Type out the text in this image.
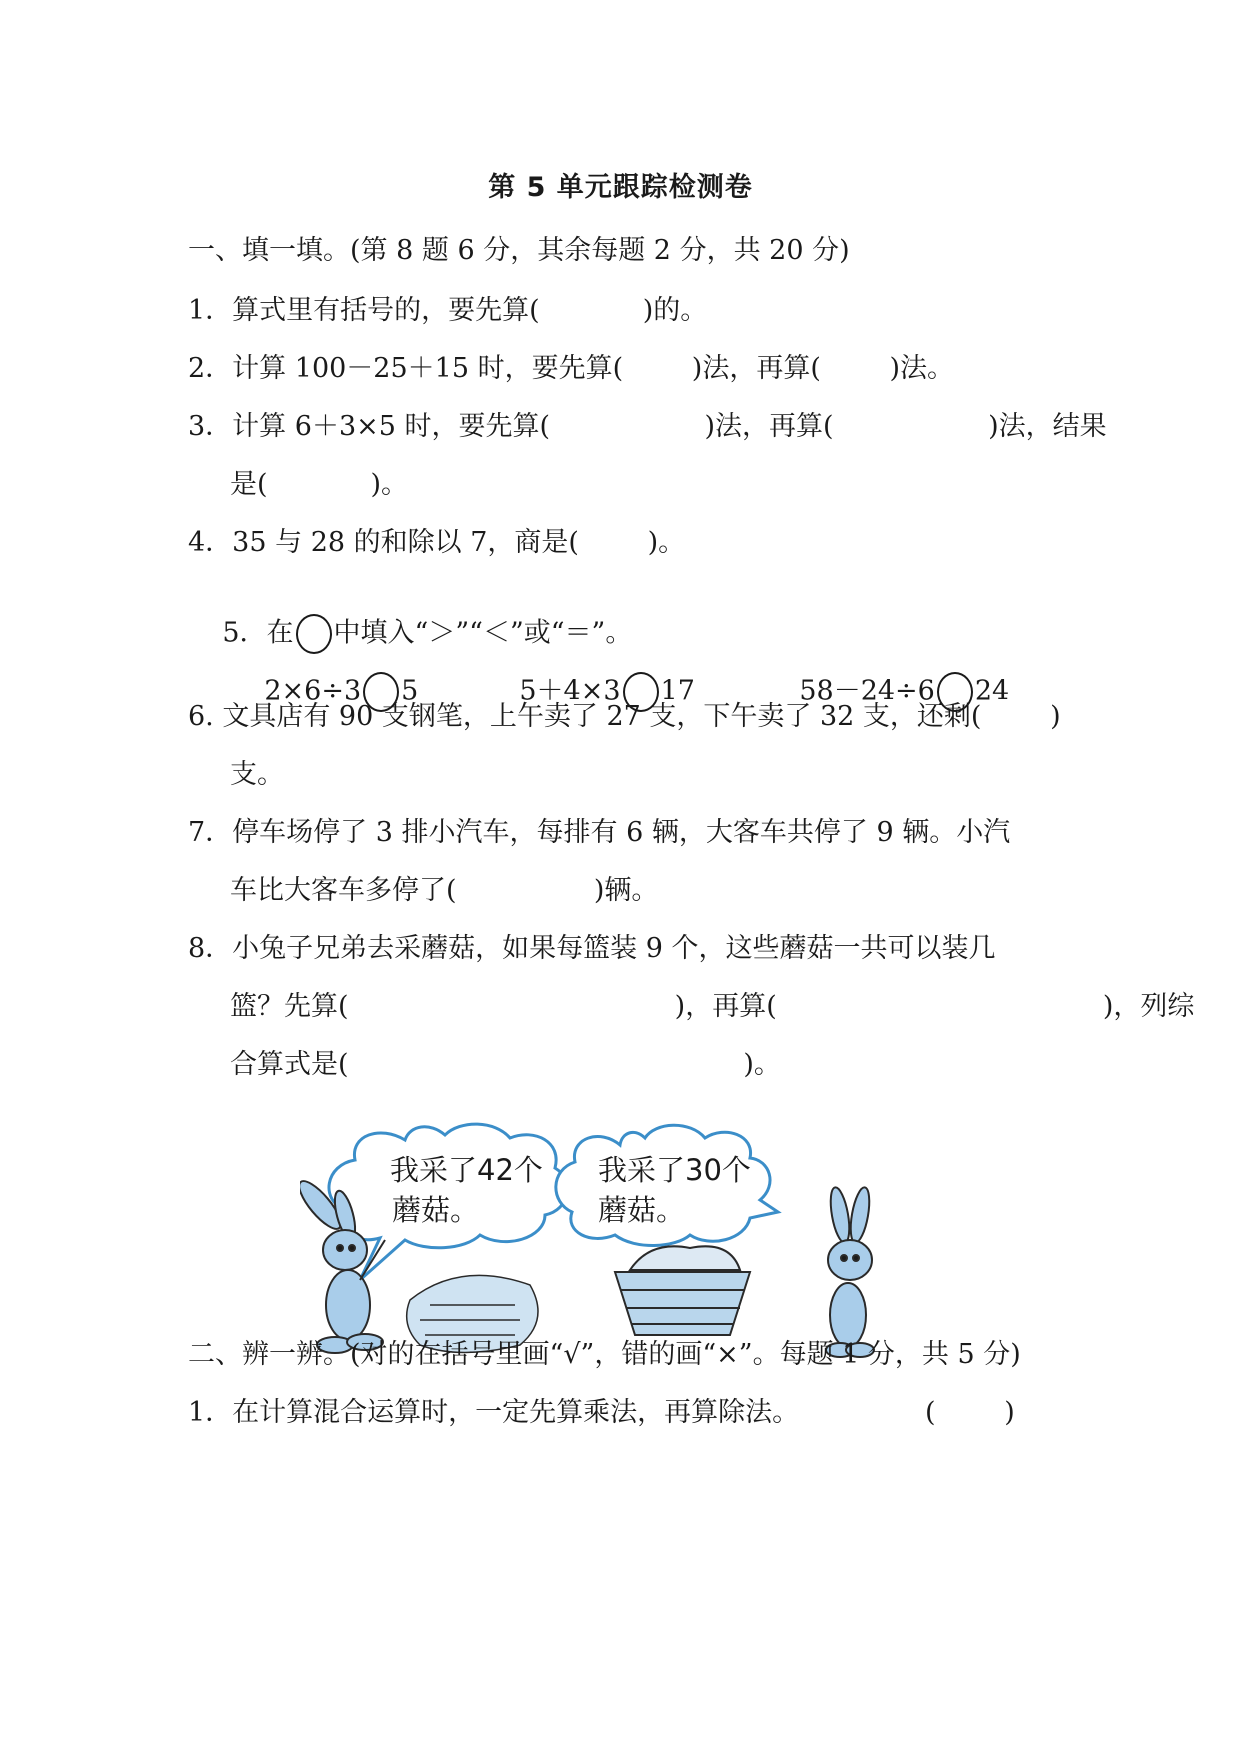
第 5 单元跟踪检测卷
一、填一填。(第 8 题 6 分，其余每题 2 分，共 20 分)
1．算式里有括号的，要先算(            )的。
2．计算 100－25＋15 时，要先算(        )法，再算(        )法。
3．计算 6＋3×5 时，要先算(                  )法，再算(                  )法，结果
是(            )。
4．35 与 28 的和除以 7，商是(        )。

5．在 中填入“＞”“＜”或“＝”。

2×6÷3 5
	5＋4×3 17
	58－24÷6 24

6. 文具店有 90 支钢笔，上午卖了 27 支，下午卖了 32 支，还剩(        )
支。
7．停车场停了 3 排小汽车，每排有 6 辆，大客车共停了 9 辆。小汽
车比大客车多停了(                )辆。
8．小兔子兄弟去采蘑菇，如果每篮装 9 个，这些蘑菇一共可以装几
篮？先算(                                      )，再算(                                      )，列综
合算式是(                                              )。
我采了42个
蘑菇。
我采了30个
蘑菇。
二、辨一辨。(对的在括号里画“√”，错的画“×”。每题 1 分，共 5 分)
1．在计算混合运算时，一定先算乘法，再算除法。	(        )
